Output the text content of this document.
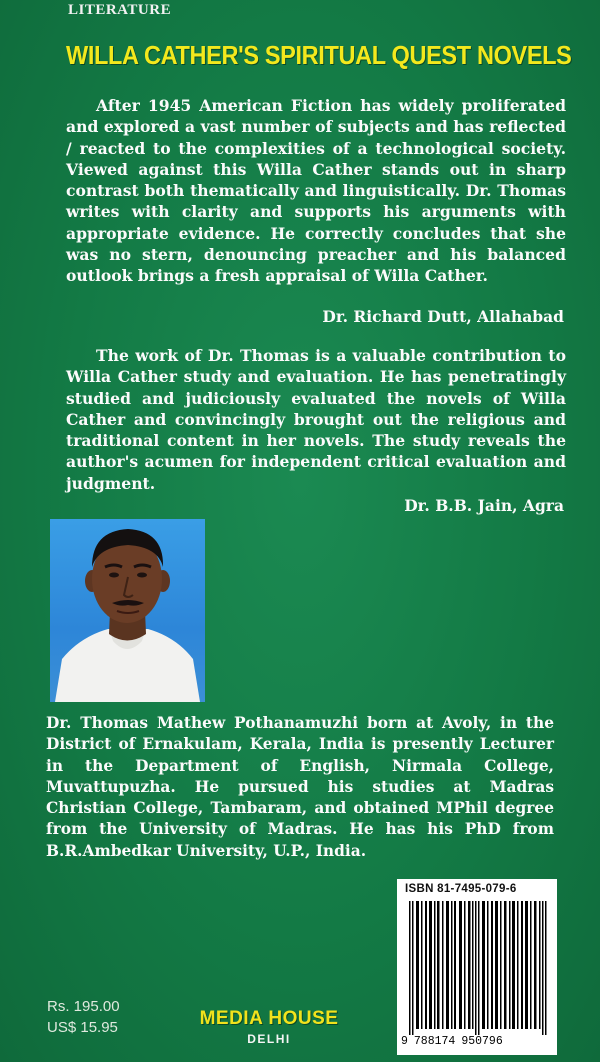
LITERATURE
WILLA CATHER'S SPIRITUAL QUEST NOVELS

After 1945 American Fiction has widely proliferated and explored a vast number of subjects and has reflected / reacted to the complexities of a technological society. Viewed against this Willa Cather stands out in sharp contrast both thematically and linguistically. Dr. Thomas writes with clarity and supports his arguments with appropriate evidence. He correctly concludes that she was no stern, denouncing preacher and his balanced outlook brings a fresh appraisal of Willa Cather.

Dr. Richard Dutt, Allahabad

The work of Dr. Thomas is a valuable contribution to Willa Cather study and evaluation. He has penetratingly studied and judiciously evaluated the novels of Willa Cather and convincingly brought out the religious and traditional content in her novels. The study reveals the author's acumen for independent critical evaluation and judgment.

Dr. B.B. Jain, Agra

Dr. Thomas Mathew Pothanamuzhi born at Avoly, in the District of Ernakulam, Kerala, India is presently Lecturer in the Department of English, Nirmala College, Muvattupuzha. He pursued his studies at Madras Christian College, Tambaram, and obtained MPhil degree from the University of Madras. He has his PhD from B.R.Ambedkar University, U.P., India.

ISBN 81-7495-079-6
9 788174 950796
Rs. 195.00
US$ 15.95	MEDIA HOUSE
DELHI
